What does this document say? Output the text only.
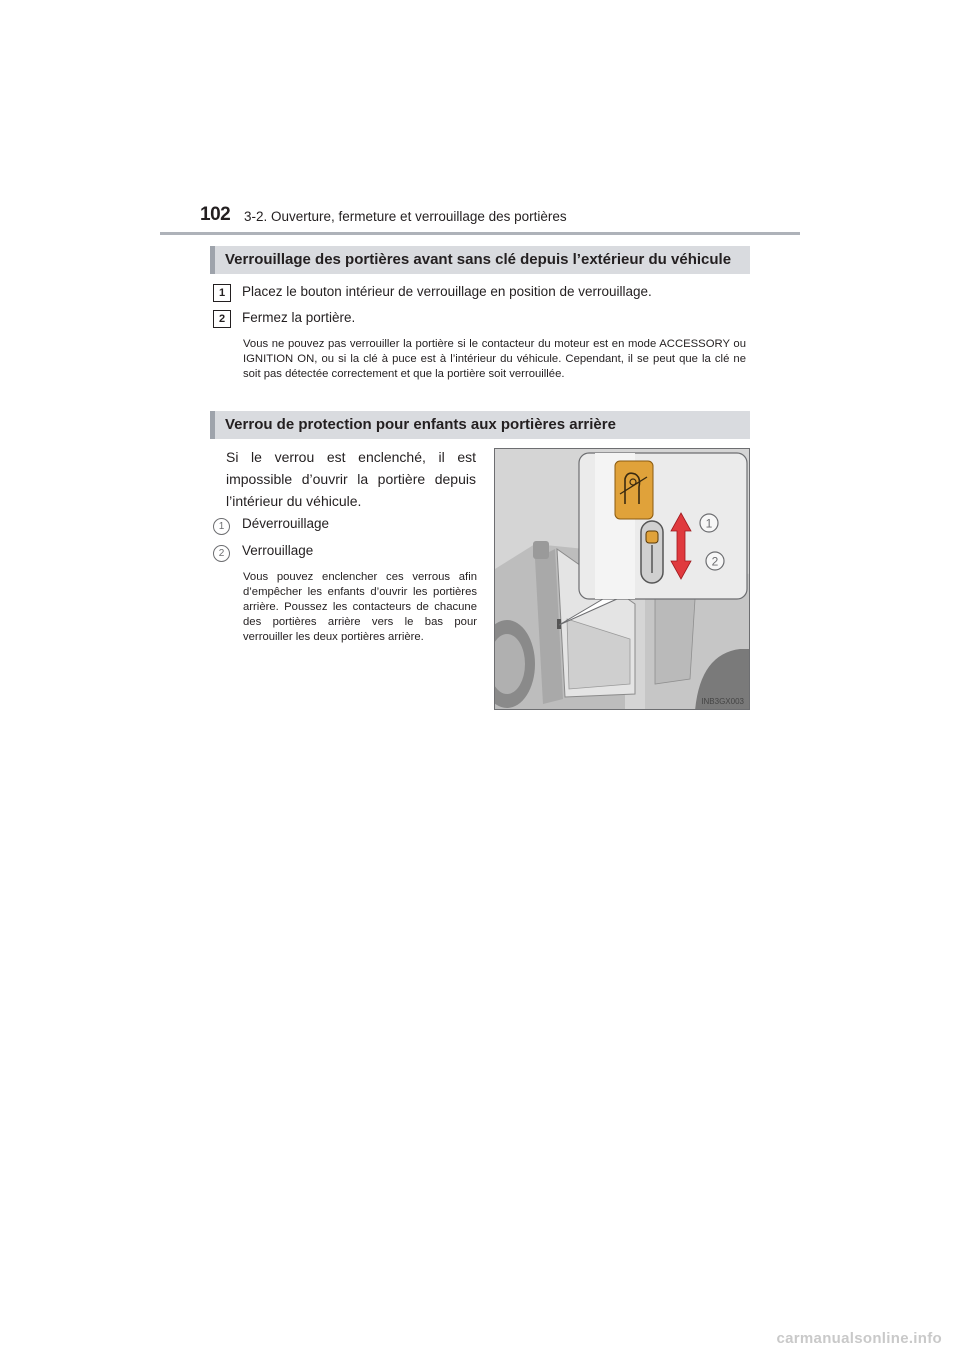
102 3-2. Ouverture, fermeture et verrouillage des portières
Verrouillage des portières avant sans clé depuis l’extérieur du véhicule
1	Placez le bouton intérieur de verrouillage en position de verrouillage.
2	Fermez la portière.
Vous ne pouvez pas verrouiller la portière si le contacteur du moteur est en mode ACCESSORY ou IGNITION ON, ou si la clé à puce est à l’intérieur du véhicule. Cependant, il se peut que la clé ne soit pas détectée correctement et que la portière soit verrouillée.
Verrou de protection pour enfants aux portières arrière
Si le verrou est enclenché, il est impossible d’ouvrir la portière depuis l’intérieur du véhicule.
1	Déverrouillage
2	Verrouillage
Vous pouvez enclencher ces verrous afin d’empêcher les enfants d’ouvrir les portières arrière. Poussez les contacteurs de chacune des portières arrière vers le bas pour verrouiller les deux portières arrière.
1
2
INB3GX003
carmanualsonline.info
